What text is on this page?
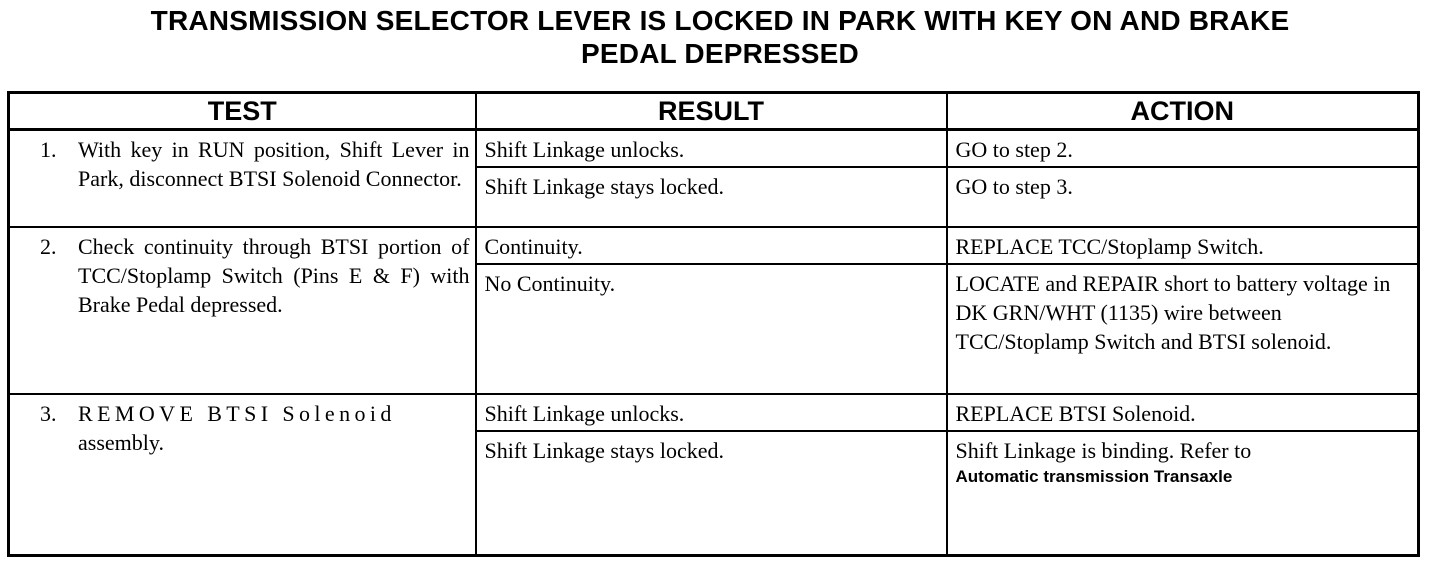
TRANSMISSION SELECTOR LEVER IS LOCKED IN PARK WITH KEY ON AND BRAKE
PEDAL DEPRESSED
TEST	RESULT	ACTION

1. With key in RUN position, Shift Lever in Park, disconnect BTSI Solenoid Connector.	Shift Linkage unlocks.	GO to step 2.
	Shift Linkage stays locked.	GO to step 3.

2. Check continuity through BTSI portion of TCC/Stoplamp Switch (Pins E & F) with Brake Pedal depressed.	Continuity.	REPLACE TCC/Stoplamp Switch.
	No Continuity.	LOCATE and REPAIR short to battery voltage in DK GRN/WHT (1135) wire between TCC/Stoplamp Switch and BTSI solenoid.

3. REMOVE BTSI Solenoid
assembly.	Shift Linkage unlocks.	REPLACE BTSI Solenoid.
	Shift Linkage stays locked.	Shift Linkage is binding. Refer to
Automatic transmission Transaxle
